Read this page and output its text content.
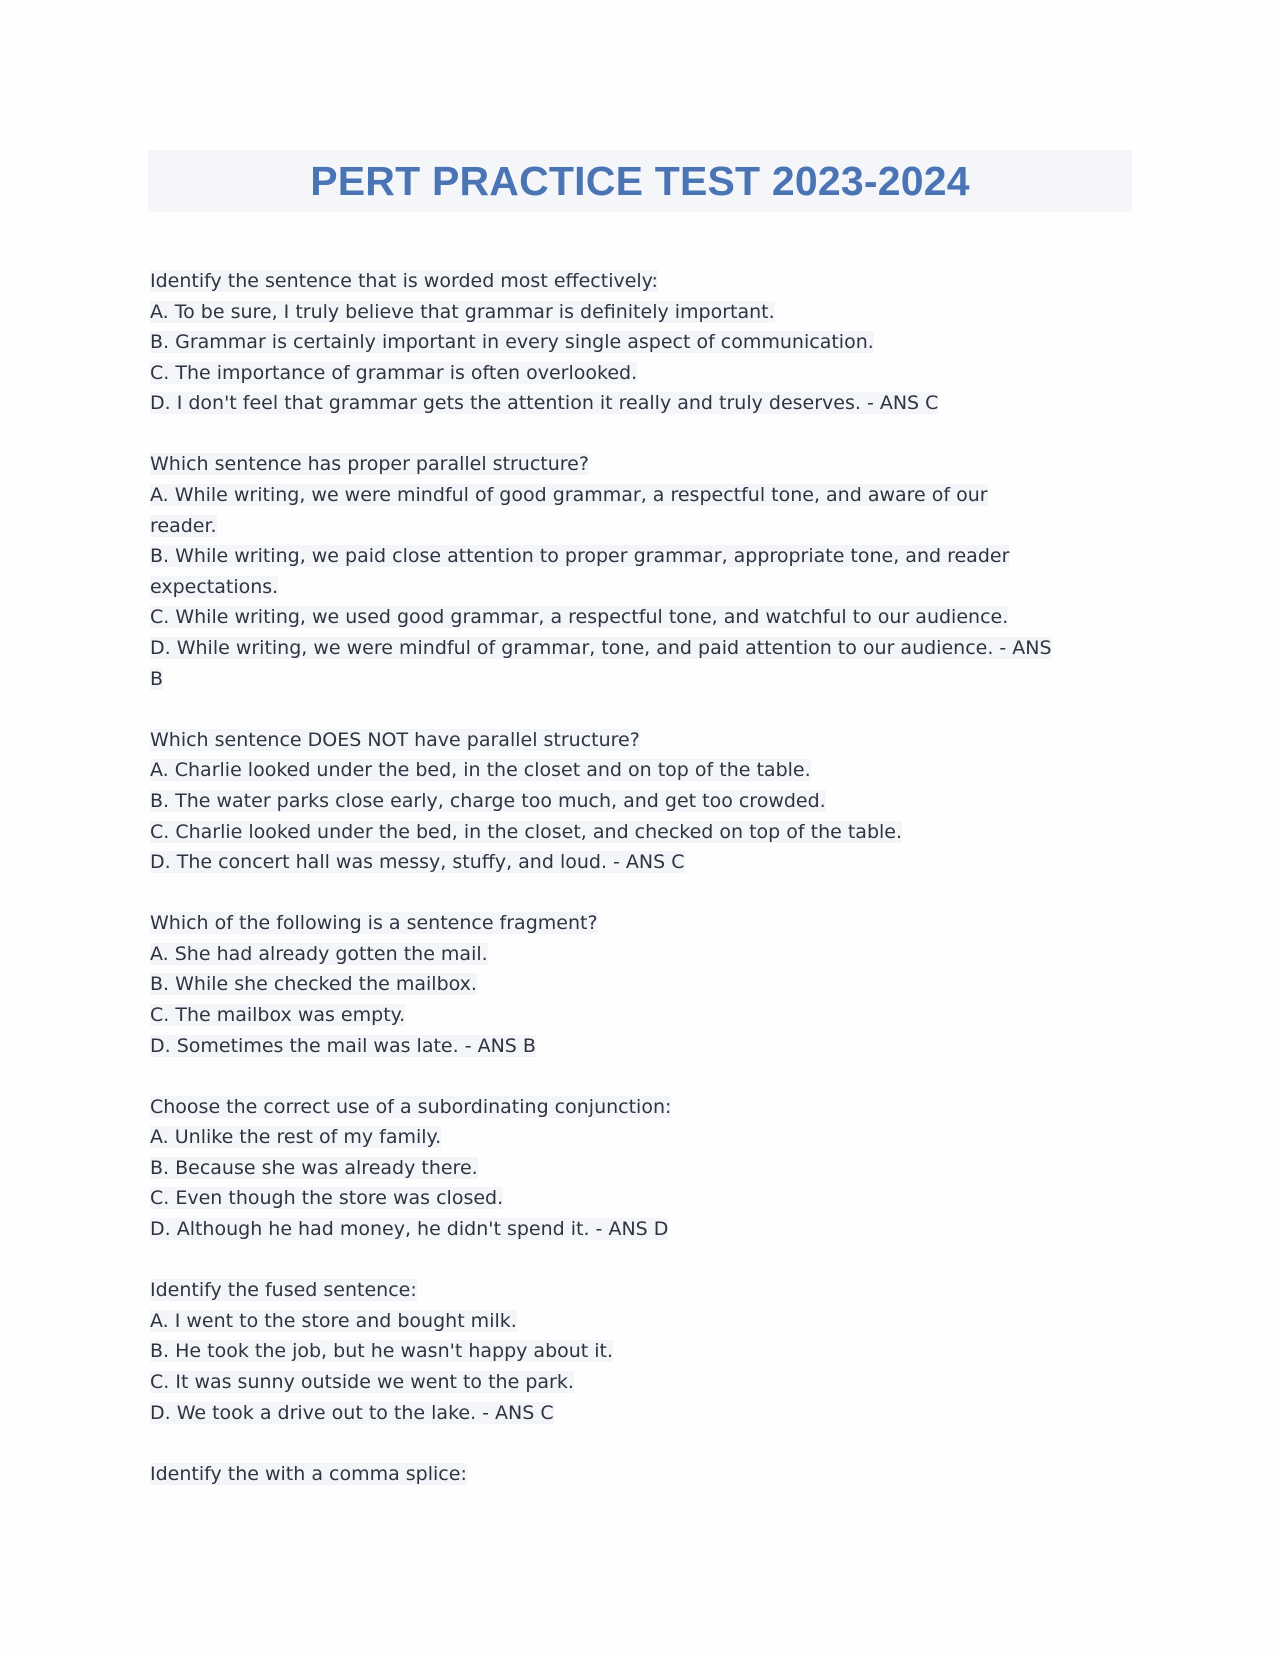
PERT PRACTICE TEST 2023-2024
Identify the sentence that is worded most effectively:
A. To be sure, I truly believe that grammar is definitely important.
B. Grammar is certainly important in every single aspect of communication.
C. The importance of grammar is often overlooked.
D. I don't feel that grammar gets the attention it really and truly deserves. - ANS C
Which sentence has proper parallel structure?
A. While writing, we were mindful of good grammar, a respectful tone, and aware of our
reader.
B. While writing, we paid close attention to proper grammar, appropriate tone, and reader
expectations.
C. While writing, we used good grammar, a respectful tone, and watchful to our audience.
D. While writing, we were mindful of grammar, tone, and paid attention to our audience. - ANS
B
Which sentence DOES NOT have parallel structure?
A. Charlie looked under the bed, in the closet and on top of the table.
B. The water parks close early, charge too much, and get too crowded.
C. Charlie looked under the bed, in the closet, and checked on top of the table.
D. The concert hall was messy, stuffy, and loud. - ANS C
Which of the following is a sentence fragment?
A. She had already gotten the mail.
B. While she checked the mailbox.
C. The mailbox was empty.
D. Sometimes the mail was late. - ANS B
Choose the correct use of a subordinating conjunction:
A. Unlike the rest of my family.
B. Because she was already there.
C. Even though the store was closed.
D. Although he had money, he didn't spend it. - ANS D
Identify the fused sentence:
A. I went to the store and bought milk.
B. He took the job, but he wasn't happy about it.
C. It was sunny outside we went to the park.
D. We took a drive out to the lake. - ANS C
Identify the with a comma splice:
